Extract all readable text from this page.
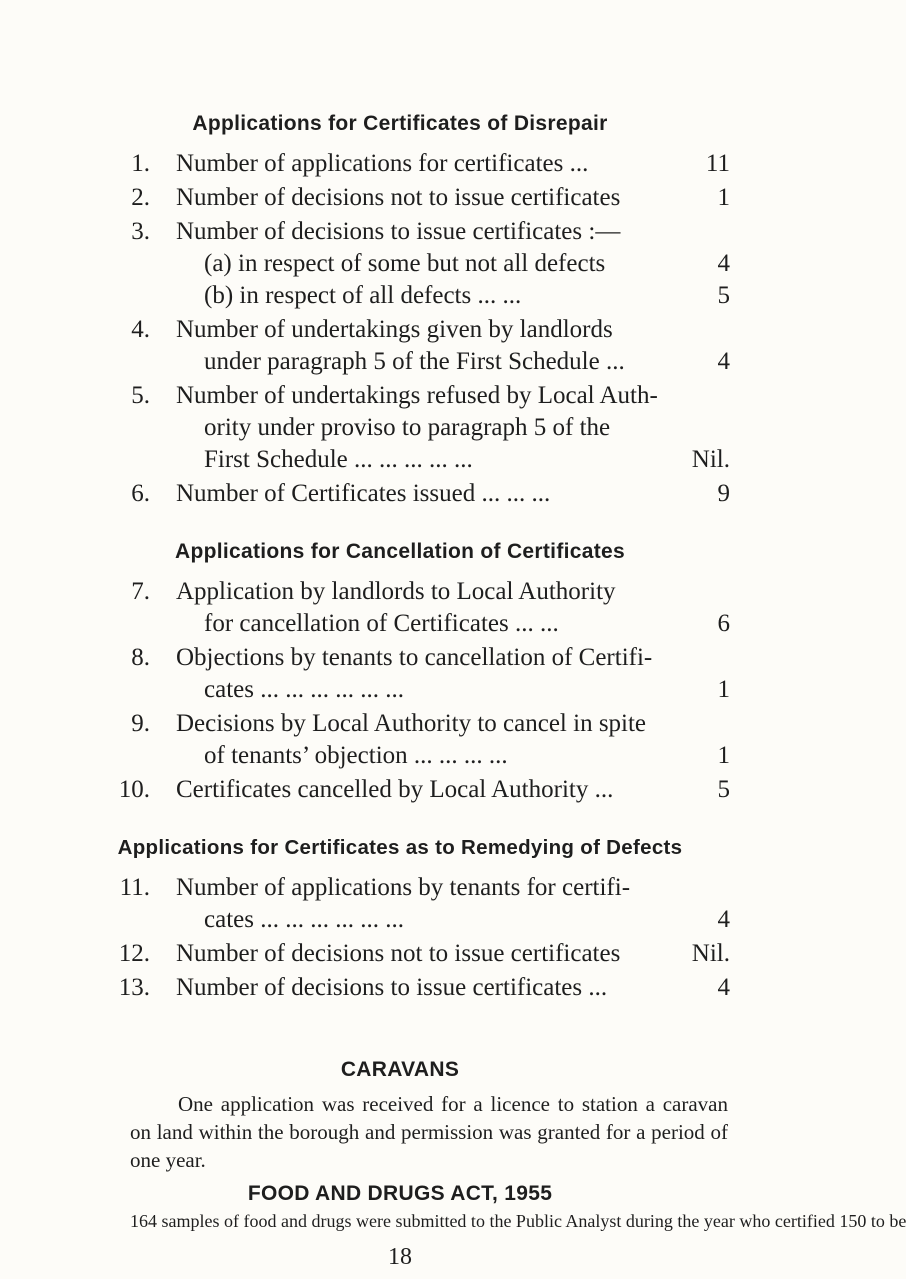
Applications for Certificates of Disrepair
1.	Number of applications for certificates ...	11
2.	Number of decisions not to issue certificates	1
3.	Number of decisions to issue certificates :—
(a) in respect of some but not all defects	4
(b) in respect of all defects ... ...	5
4.	Number of undertakings given by landlords
under paragraph 5 of the First Schedule ...	4
5.	Number of undertakings refused by Local Auth-
ority under proviso to paragraph 5 of the
First Schedule ... ... ... ... ...	Nil.
6.	Number of Certificates issued ... ... ...	9
Applications for Cancellation of Certificates
7.	Application by landlords to Local Authority
for cancellation of Certificates ... ...	6
8.	Objections by tenants to cancellation of Certifi-
cates ... ... ... ... ... ...	1
9.	Decisions by Local Authority to cancel in spite
of tenants’ objection ... ... ... ...	1
10.	Certificates cancelled by Local Authority ...	5
Applications for Certificates as to Remedying of Defects
11.	Number of applications by tenants for certifi-
cates ... ... ... ... ... ...	4
12.	Number of decisions not to issue certificates	Nil.
13.	Number of decisions to issue certificates ...	4
CARAVANS
One application was received for a licence to station a caravan on land within the borough and permission was granted for a period of one year.
18
FOOD AND DRUGS ACT, 1955
164 samples of food and drugs were submitted to the Public Analyst during the year who certified 150 to be
